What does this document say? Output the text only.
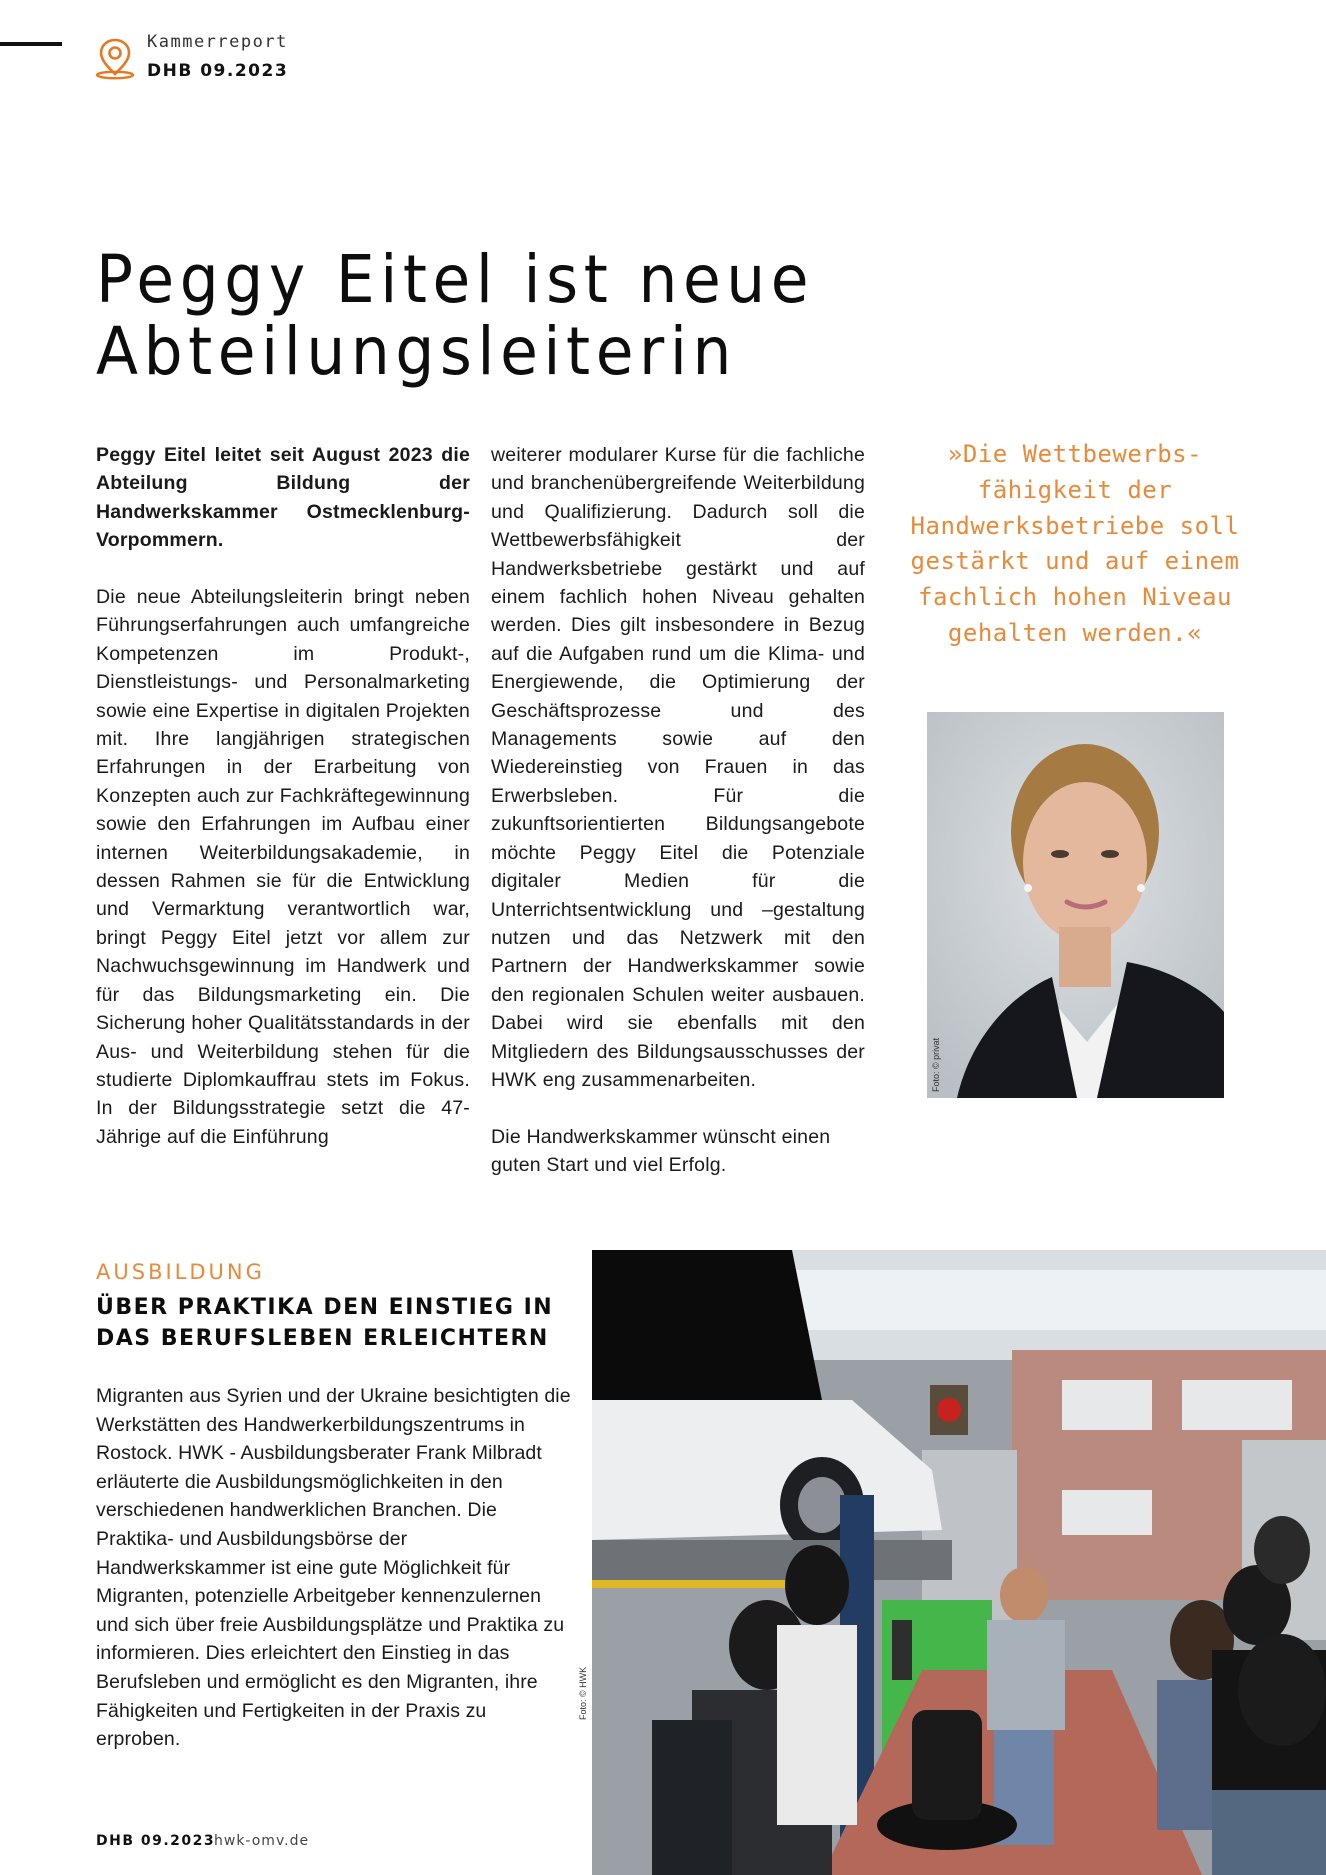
Kammerreport
DHB 09.2023
Peggy Eitel ist neue
Abteilungsleiterin

Peggy Eitel leitet seit August 2023 die Abteilung Bildung der Handwerkskammer Ostmecklenburg-Vorpommern.

Die neue Abteilungsleiterin bringt neben Führungserfahrungen auch umfangreiche Kompetenzen im Produkt-, Dienstleistungs- und Personalmarketing sowie eine Expertise in digitalen Projekten mit. Ihre langjährigen strategischen Erfahrungen in der Erarbeitung von Konzepten auch zur Fachkräftegewinnung sowie den Erfahrungen im Aufbau einer internen Weiterbildungsakademie, in dessen Rahmen sie für die Entwicklung und Vermarktung verantwortlich war, bringt Peggy Eitel jetzt vor allem zur Nachwuchsgewinnung im Handwerk und für das Bildungsmarketing ein. Die Sicherung hoher Qualitätsstandards in der Aus- und Weiterbildung stehen für die studierte Diplomkauffrau stets im Fokus. In der Bildungsstrategie setzt die 47-Jährige auf die Einführung

weiterer modularer Kurse für die fachliche und branchenübergreifende Weiterbildung und Qualifizierung. Dadurch soll die Wettbewerbsfähigkeit der Handwerksbetriebe gestärkt und auf einem fachlich hohen Niveau gehalten werden. Dies gilt insbesondere in Bezug auf die Aufgaben rund um die Klima- und Energiewende, die Optimierung der Geschäftsprozesse und des Managements sowie auf den Wiedereinstieg von Frauen in das Erwerbsleben. Für die zukunftsorientierten Bildungsangebote möchte Peggy Eitel die Potenziale digitaler Medien für die Unterrichtsentwicklung und –gestaltung nutzen und das Netzwerk mit den Partnern der Handwerkskammer sowie den regionalen Schulen weiter ausbauen. Dabei wird sie ebenfalls mit den Mitgliedern des Bildungsausschusses der HWK eng zusammenarbeiten.

Die Handwerkskammer wünscht einen guten Start und viel Erfolg.

»Die Wettbewerbs-fähigkeit der Handwerksbetriebe soll gestärkt und auf einem fachlich hohen Niveau gehalten werden.«
Foto: © privat
AUSBILDUNG
ÜBER PRAKTIKA DEN EINSTIEG IN DAS BERUFSLEBEN ERLEICHTERN

Migranten aus Syrien und der Ukraine besichtigten die Werkstätten des Handwerkerbildungszentrums in Rostock. HWK - Ausbildungsberater Frank Milbradt erläuterte die Ausbildungsmöglichkeiten in den verschiedenen handwerklichen Branchen. Die Praktika- und Ausbildungsbörse der Handwerkskammer ist eine gute Möglichkeit für Migranten, potenzielle Arbeitgeber kennenzulernen und sich über freie Ausbildungsplätze und Praktika zu informieren. Dies erleichtert den Einstieg in das Berufsleben und ermöglicht es den Migranten, ihre Fähigkeiten und Fertigkeiten in der Praxis zu erproben.

Foto: © HWK
DHB 09.2023
hwk-omv.de
